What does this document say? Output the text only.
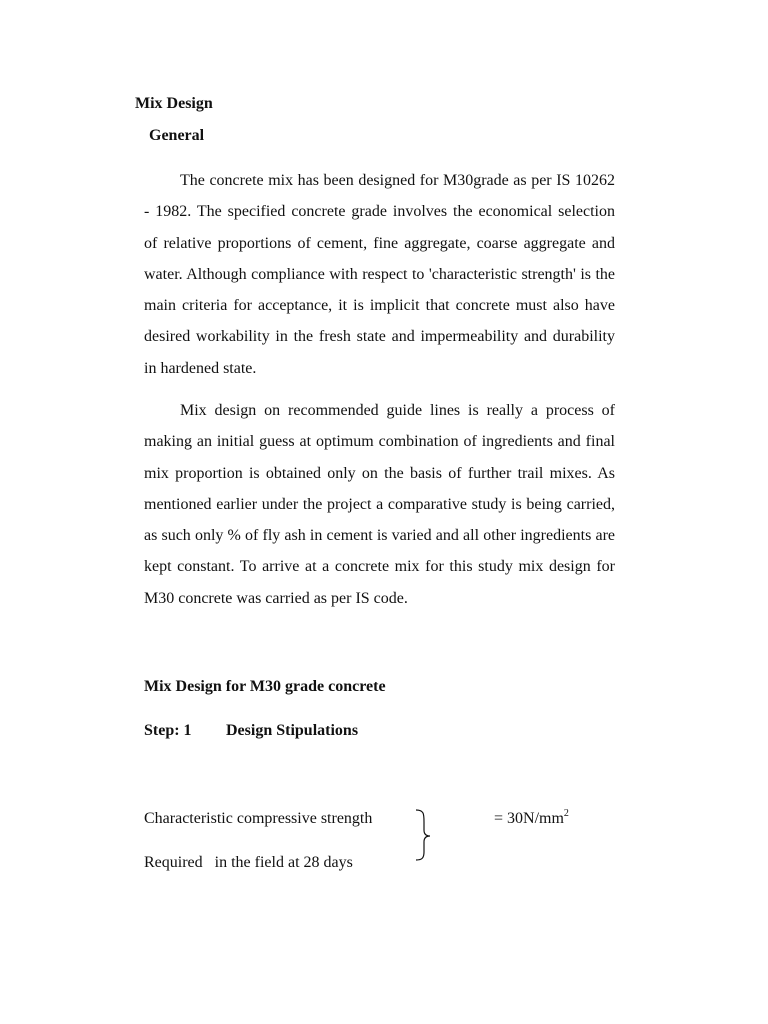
Mix Design
General

The concrete mix has been designed for M30grade as per IS 10262 - 1982. The specified concrete grade involves the economical selection of relative proportions of cement, fine aggregate, coarse aggregate and water. Although compliance with respect to 'characteristic strength' is the main criteria for acceptance, it is implicit that concrete must also have desired workability in the fresh state and impermeability and durability in hardened state.

Mix design on recommended guide lines is really a process of making an initial guess at optimum combination of ingredients and final mix proportion is obtained only on the basis of further trail mixes. As mentioned earlier under the project a comparative study is being carried, as such only % of fly ash in cement is varied and all other ingredients are kept constant. To arrive at a concrete mix for this study mix design for M30 concrete was carried as per IS code.

Mix Design for M30 grade concrete
Step: 1 Design Stipulations
Characteristic compressive strength
Required   in the field at 28 days
= $30N/mm^2$
